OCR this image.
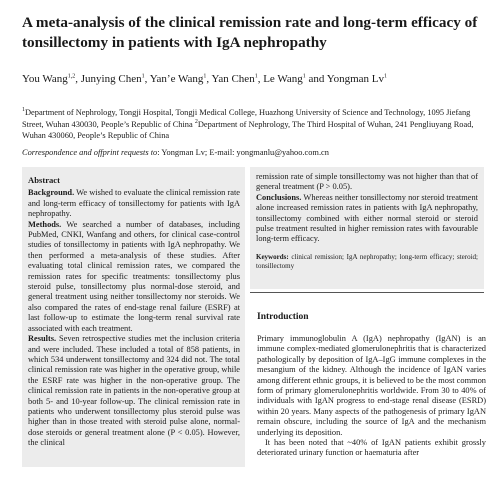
A meta-analysis of the clinical remission rate and long-term efficacy of tonsillectomy in patients with IgA nephropathy
You Wang$^{1,2}$, Junying Chen$^1$, Yan’e Wang$^1$, Yan Chen$^1$, Le Wang$^1$ and Yongman Lv$^1$
$^1$Department of Nephrology, Tongji Hospital, Tongji Medical College, Huazhong University of Science and Technology, 1095 Jiefang Street, Wuhan 430030, People’s Republic of China $^2$Department of Nephrology, The Third Hospital of Wuhan, 241 Pengliuyang Road, Wuhan 430060, People’s Republic of China
Correspondence and offprint requests to: Yongman Lv; E-mail: yongmanlu@yahoo.com.cn
Abstract

Background. We wished to evaluate the clinical remission rate and long-term efficacy of tonsillectomy for patients with IgA nephropathy.

Methods. We searched a number of databases, including PubMed, CNKI, Wanfang and others, for clinical case-control studies of tonsillectomy in patients with IgA nephropathy. We then performed a meta-analysis of these studies. After evaluating total clinical remission rates, we compared the remission rates for specific treatments: tonsillectomy plus steroid pulse, tonsillectomy plus normal-dose steroid, and general treatment using neither tonsillectomy nor steroids. We also compared the rates of end-stage renal failure (ESRF) at last follow-up to estimate the long-term renal survival rate associated with each treatment.

Results. Seven retrospective studies met the inclusion criteria and were included. These included a total of 858 patients, in which 534 underwent tonsillectomy and 324 did not. The total clinical remission rate was higher in the operative group, while the ESRF rate was higher in the non-operative group. The clinical remission rate in patients in the non-operative group at both 5- and 10-year follow-up. The clinical remission rate in patients who underwent tonsillectomy plus steroid pulse was higher than in those treated with steroid pulse alone, normal-dose steroids or general treatment alone (P < 0.05). However, the clinical

remission rate of simple tonsillectomy was not higher than that of general treatment (P > 0.05).

Conclusions. Whereas neither tonsillectomy nor steroid treatment alone increased remission rates in patients with IgA nephropathy, tonsillectomy combined with either normal steroid or steroid pulse treatment resulted in higher remission rates with favourable long-term efficacy.

Keywords: clinical remission; IgA nephropathy; long-term efficacy; steroid; tonsillectomy
Introduction

Primary immunoglobulin A (IgA) nephropathy (IgAN) is an immune complex-mediated glomerulonephritis that is characterized pathologically by deposition of IgA–IgG immune complexes in the mesangium of the kidney. Although the incidence of IgAN varies among different ethnic groups, it is believed to be the most common form of primary glomerulonephritis worldwide. From 30 to 40% of individuals with IgAN progress to end-stage renal disease (ESRD) within 20 years. Many aspects of the pathogenesis of primary IgAN remain obscure, including the source of IgA and the mechanism underlying its deposition.

It has been noted that ~40% of IgAN patients exhibit grossly deteriorated urinary function or haematuria after
